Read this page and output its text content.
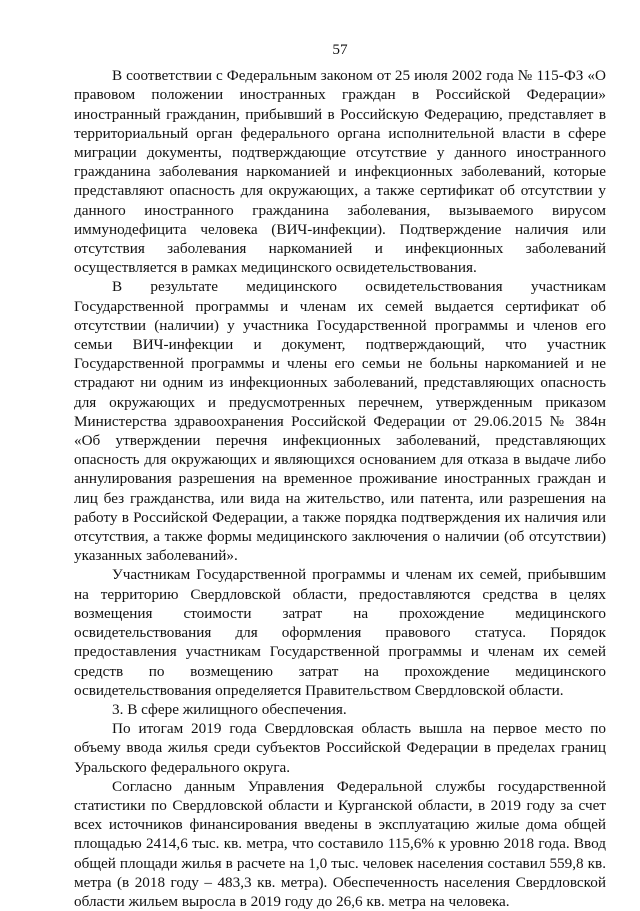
57

В соответствии с Федеральным законом от 25 июля 2002 года № 115-ФЗ «О правовом положении иностранных граждан в Российской Федерации» иностранный гражданин, прибывший в Российскую Федерацию, представляет в территориальный орган федерального органа исполнительной власти в сфере миграции документы, подтверждающие отсутствие у данного иностранного гражданина заболевания наркоманией и инфекционных заболеваний, которые представляют опасность для окружающих, а также сертификат об отсутствии у данного иностранного гражданина заболевания, вызываемого вирусом иммунодефицита человека (ВИЧ-инфекции). Подтверждение наличия или отсутствия заболевания наркоманией и инфекционных заболеваний осуществляется в рамках медицинского освидетельствования.

В результате медицинского освидетельствования участникам Государственной программы и членам их семей выдается сертификат об отсутствии (наличии) у участника Государственной программы и членов его семьи ВИЧ-инфекции и документ, подтверждающий, что участник Государственной программы и члены его семьи не больны наркоманией и не страдают ни одним из инфекционных заболеваний, представляющих опасность для окружающих и предусмотренных перечнем, утвержденным приказом Министерства здравоохранения Российской Федерации от 29.06.2015 № 384н «Об утверждении перечня инфекционных заболеваний, представляющих опасность для окружающих и являющихся основанием для отказа в выдаче либо аннулирования разрешения на временное проживание иностранных граждан и лиц без гражданства, или вида на жительство, или патента, или разрешения на работу в Российской Федерации, а также порядка подтверждения их наличия или отсутствия, а также формы медицинского заключения о наличии (об отсутствии) указанных заболеваний».

Участникам Государственной программы и членам их семей, прибывшим на территорию Свердловской области, предоставляются средства в целях возмещения стоимости затрат на прохождение медицинского освидетельствования для оформления правового статуса. Порядок предоставления участникам Государственной программы и членам их семей средств по возмещению затрат на прохождение медицинского освидетельствования определяется Правительством Свердловской области.

3. В сфере жилищного обеспечения.

По итогам 2019 года Свердловская область вышла на первое место по объему ввода жилья среди субъектов Российской Федерации в пределах границ Уральского федерального округа.

Согласно данным Управления Федеральной службы государственной статистики по Свердловской области и Курганской области, в 2019 году за счет всех источников финансирования введены в эксплуатацию жилые дома общей площадью 2414,6 тыс. кв. метра, что составило 115,6% к уровню 2018 года. Ввод общей площади жилья в расчете на 1,0 тыс. человек населения составил 559,8 кв. метра (в 2018 году – 483,3 кв. метра). Обеспеченность населения Свердловской области жильем выросла в 2019 году до 26,6 кв. метра на человека.
